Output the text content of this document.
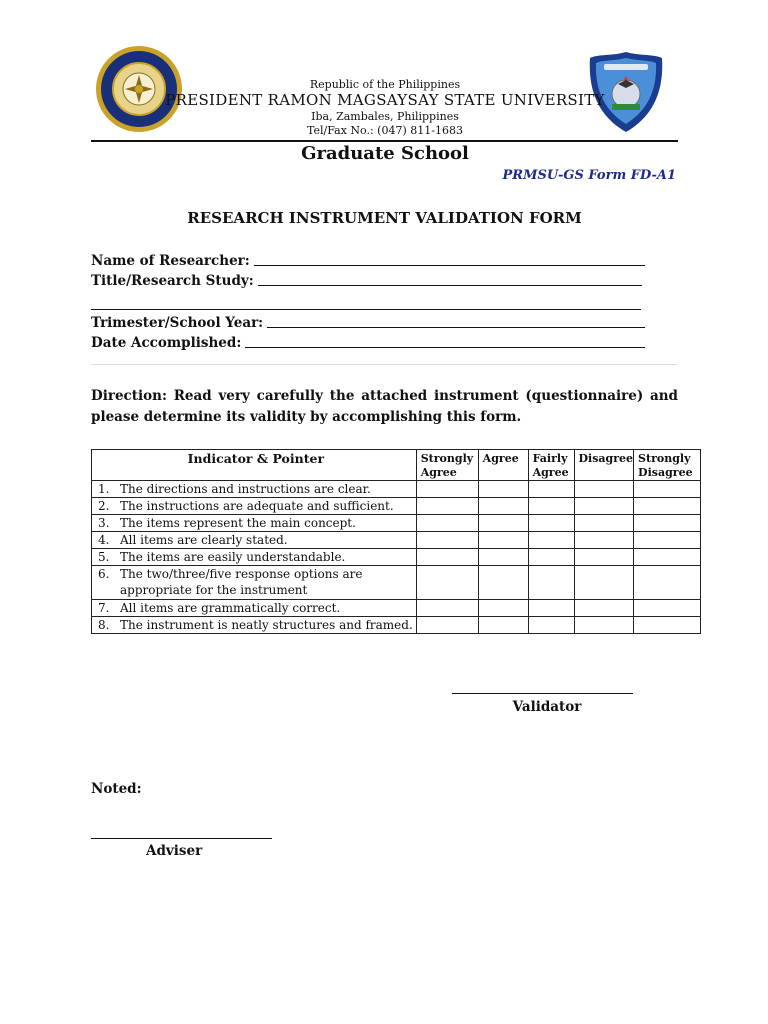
Republic of the Philippines
PRESIDENT RAMON MAGSAYSAY STATE UNIVERSITY
Iba, Zambales, Philippines
Tel/Fax No.: (047) 811-1683
Graduate School
PRMSU-GS Form FD-A1
RESEARCH INSTRUMENT VALIDATION FORM
Name of Researcher:
Title/Research Study:
Trimester/School Year:
Date Accomplished:
Direction: Read very carefully the attached instrument (questionnaire) and please determine its validity by accomplishing this form.
Indicator & Pointer	Strongly Agree	Agree	Fairly Agree	Disagree	Strongly Disagree
1. The directions and instructions are clear.					
2. The instructions are adequate and sufficient.					
3. The items represent the main concept.					
4. All items are clearly stated.					
5. The items are easily understandable.					
6. The two/three/five response options are
appropriate for the instrument					

7. All items are grammatically correct.					
8. The instrument is neatly structures and framed.					
Validator
Noted:
Adviser
